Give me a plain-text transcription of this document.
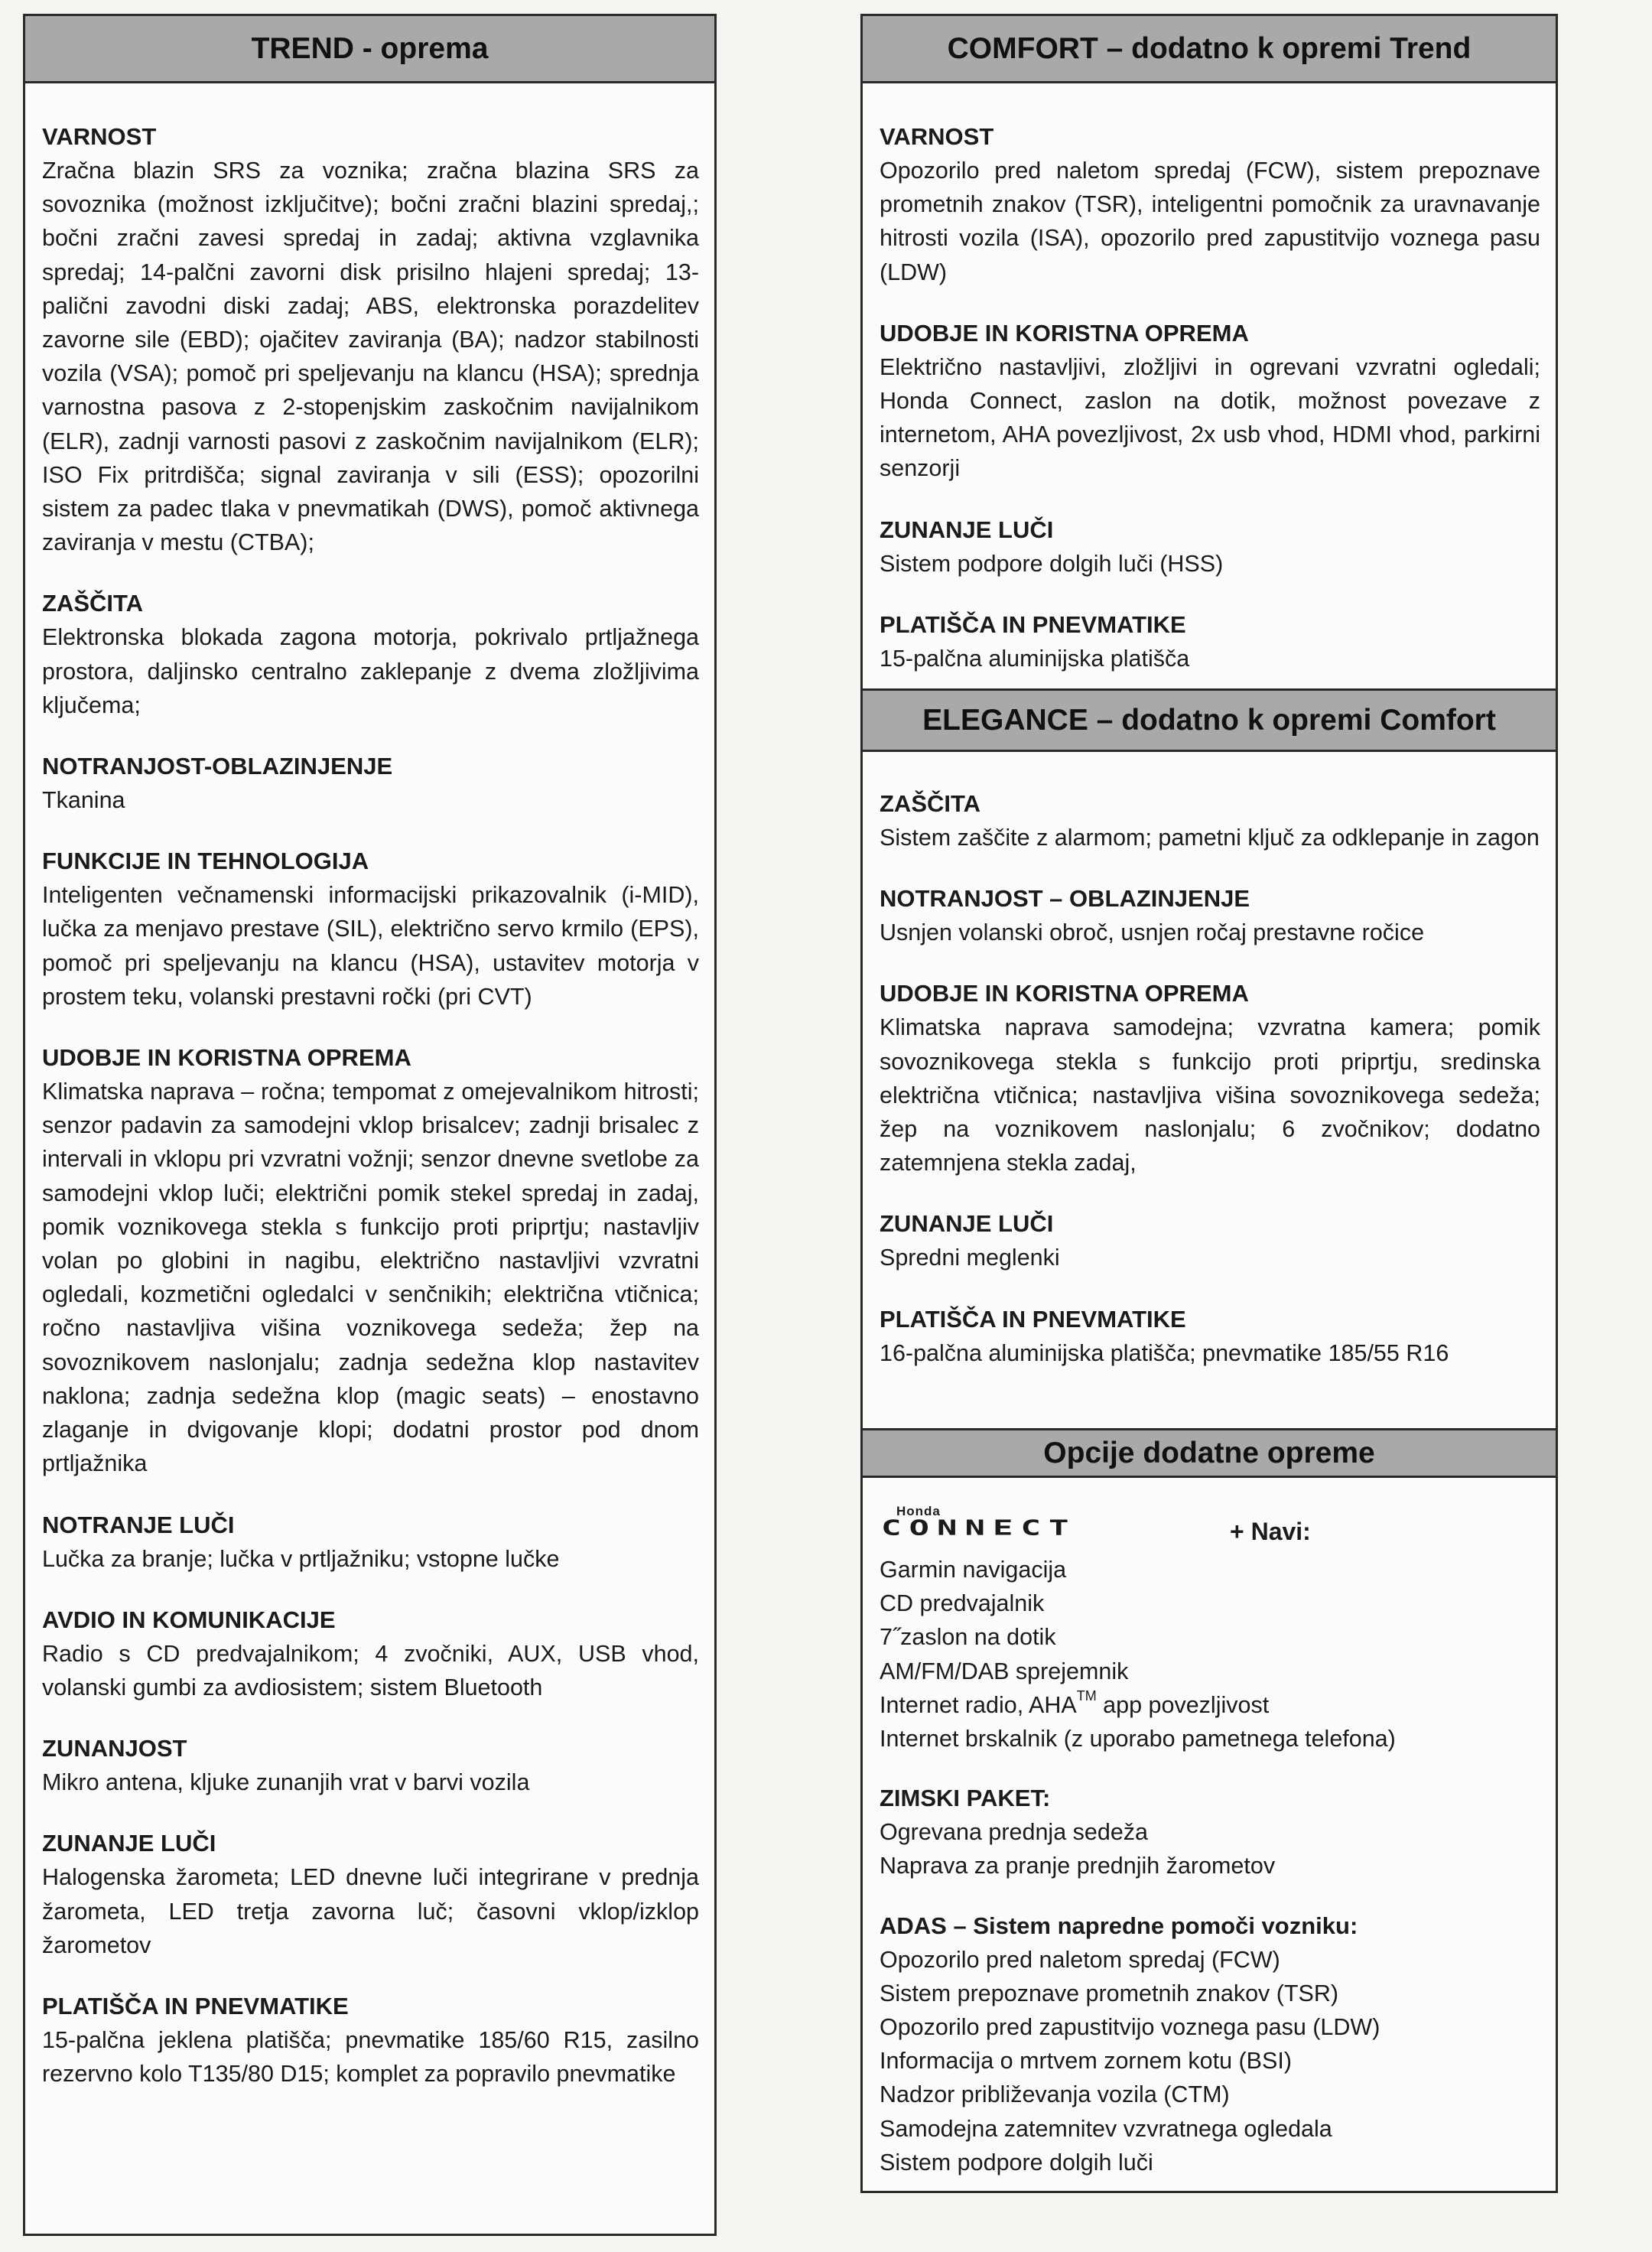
TREND - oprema
VARNOST
Zračna blazin SRS za voznika; zračna blazina SRS za sovoznika (možnost izključitve); bočni zračni blazini spredaj,; bočni zračni zavesi spredaj in zadaj; aktivna vzglavnika spredaj; 14-palčni zavorni disk prisilno hlajeni spredaj; 13-palični zavodni diski zadaj; ABS, elektronska porazdelitev zavorne sile (EBD); ojačitev zaviranja (BA); nadzor stabilnosti vozila (VSA); pomoč pri speljevanju na klancu (HSA); sprednja varnostna pasova z 2-stopenjskim zaskočnim navijalnikom (ELR), zadnji varnosti pasovi z zaskočnim navijalnikom (ELR); ISO Fix pritrdišča; signal zaviranja v sili (ESS); opozorilni sistem za padec tlaka v pnevmatikah (DWS), pomoč aktivnega zaviranja v mestu (CTBA);
ZAŠČITA
Elektronska blokada zagona motorja, pokrivalo prtljažnega prostora, daljinsko centralno zaklepanje z dvema zložljivima ključema;
NOTRANJOST-OBLAZINJENJE
Tkanina
FUNKCIJE IN TEHNOLOGIJA
Inteligenten večnamenski informacijski prikazovalnik (i-MID), lučka za menjavo prestave (SIL), električno servo krmilo (EPS), pomoč pri speljevanju na klancu (HSA), ustavitev motorja v prostem teku, volanski prestavni ročki (pri CVT)
UDOBJE IN KORISTNA OPREMA
Klimatska naprava – ročna; tempomat z omejevalnikom hitrosti; senzor padavin za samodejni vklop brisalcev; zadnji brisalec z intervali in vklopu pri vzvratni vožnji; senzor dnevne svetlobe za samodejni vklop luči; električni pomik stekel spredaj in zadaj, pomik voznikovega stekla s funkcijo proti priprtju; nastavljiv volan po globini in nagibu, električno nastavljivi vzvratni ogledali, kozmetični ogledalci v senčnikih; električna vtičnica; ročno nastavljiva višina voznikovega sedeža; žep na sovoznikovem naslonjalu; zadnja sedežna klop nastavitev naklona; zadnja sedežna klop (magic seats) – enostavno zlaganje in dvigovanje klopi; dodatni prostor pod dnom prtljažnika
NOTRANJE LUČI
Lučka za branje; lučka v prtljažniku; vstopne lučke
AVDIO IN KOMUNIKACIJE
Radio s CD predvajalnikom; 4 zvočniki, AUX, USB vhod, volanski gumbi za avdiosistem; sistem Bluetooth
ZUNANJOST
Mikro antena, kljuke zunanjih vrat v barvi vozila
ZUNANJE LUČI
Halogenska žarometa; LED dnevne luči integrirane v prednja žarometa, LED tretja zavorna luč; časovni vklop/izklop žarometov
PLATIŠČA IN PNEVMATIKE
15-palčna jeklena platišča; pnevmatike 185/60 R15, zasilno rezervno kolo T135/80 D15; komplet za popravilo pnevmatike
COMFORT – dodatno k opremi Trend
VARNOST
Opozorilo pred naletom spredaj (FCW), sistem prepoznave prometnih znakov (TSR), inteligentni pomočnik za uravnavanje hitrosti vozila (ISA), opozorilo pred zapustitvijo voznega pasu (LDW)
UDOBJE IN KORISTNA OPREMA
Električno nastavljivi, zložljivi in ogrevani vzvratni ogledali; Honda Connect, zaslon na dotik, možnost povezave z internetom, AHA povezljivost, 2x usb vhod, HDMI vhod, parkirni senzorji
ZUNANJE LUČI
Sistem podpore dolgih luči (HSS)
PLATIŠČA IN PNEVMATIKE
15-palčna aluminijska platišča
ELEGANCE – dodatno k opremi Comfort
ZAŠČITA
Sistem zaščite z alarmom; pametni ključ za odklepanje in zagon
NOTRANJOST – OBLAZINJENJE
Usnjen volanski obroč, usnjen ročaj prestavne ročice
UDOBJE IN KORISTNA OPREMA
Klimatska naprava samodejna; vzvratna kamera; pomik sovoznikovega stekla s funkcijo proti priprtju, sredinska električna vtičnica; nastavljiva višina sovoznikovega sedeža; žep na voznikovem naslonjalu; 6 zvočnikov; dodatno zatemnjena stekla zadaj,
ZUNANJE LUČI
Spredni meglenki
PLATIŠČA IN PNEVMATIKE
16-palčna aluminijska platišča; pnevmatike 185/55 R16
Opcije dodatne opreme
Honda
CONNECT	+ Navi:
Garmin navigacija
CD predvajalnik
7˝zaslon na dotik
AM/FM/DAB sprejemnik
Internet radio, AHA™ app povezljivost
Internet brskalnik (z uporabo pametnega telefona)
ZIMSKI PAKET:
Ogrevana prednja sedeža
Naprava za pranje prednjih žarometov
ADAS – Sistem napredne pomoči vozniku:
Opozorilo pred naletom spredaj (FCW)
Sistem prepoznave prometnih znakov (TSR)
Opozorilo pred zapustitvijo voznega pasu (LDW)
Informacija o mrtvem zornem kotu (BSI)
Nadzor približevanja vozila (CTM)
Samodejna zatemnitev vzvratnega ogledala
Sistem podpore dolgih luči
